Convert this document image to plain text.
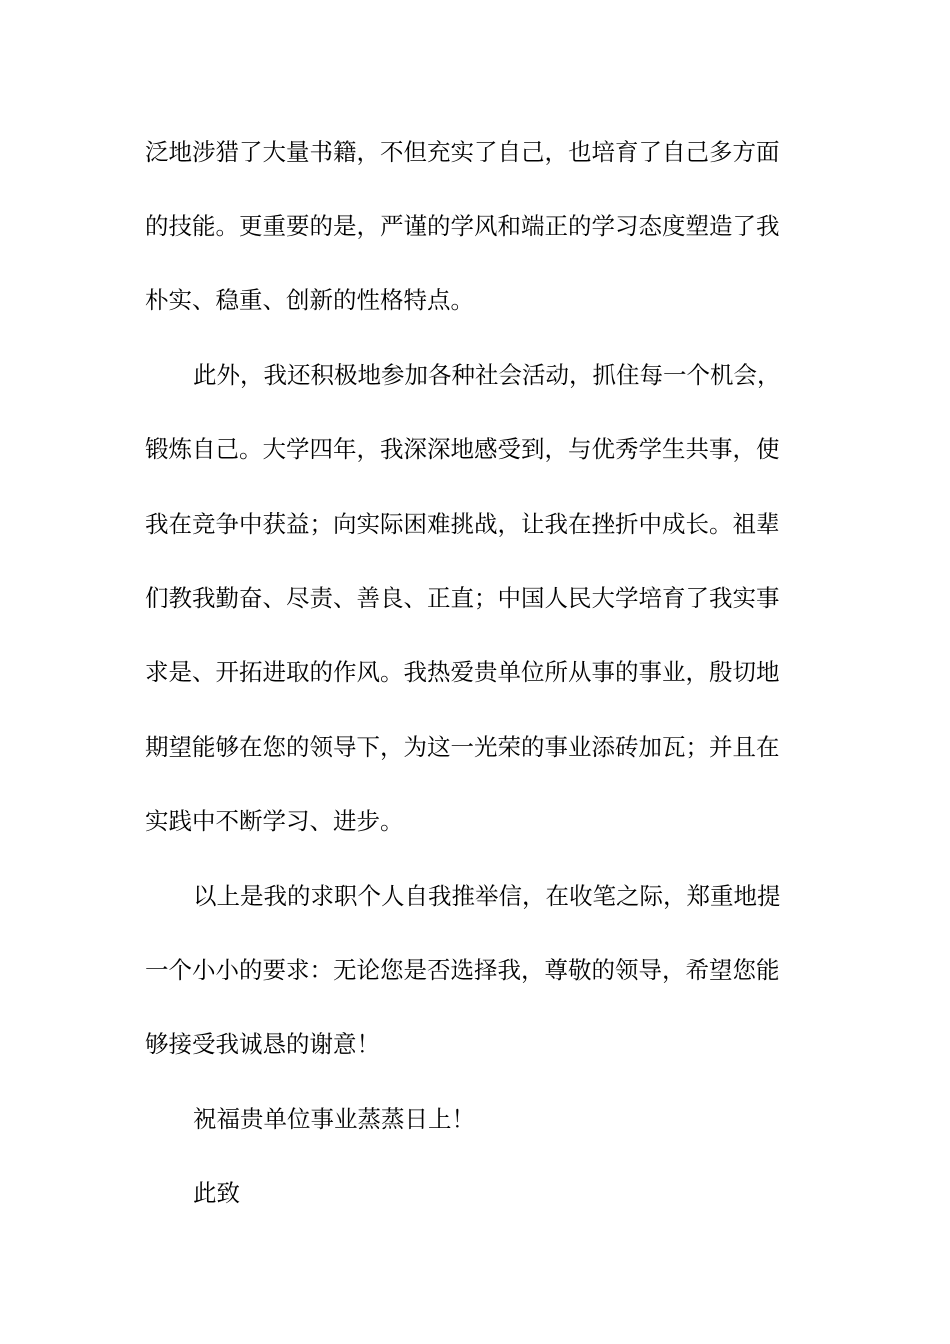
泛地涉猎了大量书籍，不但充实了自己，也培育了自己多方面
的技能。更重要的是，严谨的学风和端正的学习态度塑造了我
朴实、稳重、创新的性格特点。
此外，我还积极地参加各种社会活动，抓住每一个机会，
锻炼自己。大学四年，我深深地感受到，与优秀学生共事，使
我在竞争中获益；向实际困难挑战，让我在挫折中成长。祖辈
们教我勤奋、尽责、善良、正直；中国人民大学培育了我实事
求是、开拓进取的作风。我热爱贵单位所从事的事业，殷切地
期望能够在您的领导下，为这一光荣的事业添砖加瓦；并且在
实践中不断学习、进步。
以上是我的求职个人自我推举信，在收笔之际，郑重地提
一个小小的要求：无论您是否选择我，尊敬的领导，希望您能
够接受我诚恳的谢意！
祝福贵单位事业蒸蒸日上！
此致
